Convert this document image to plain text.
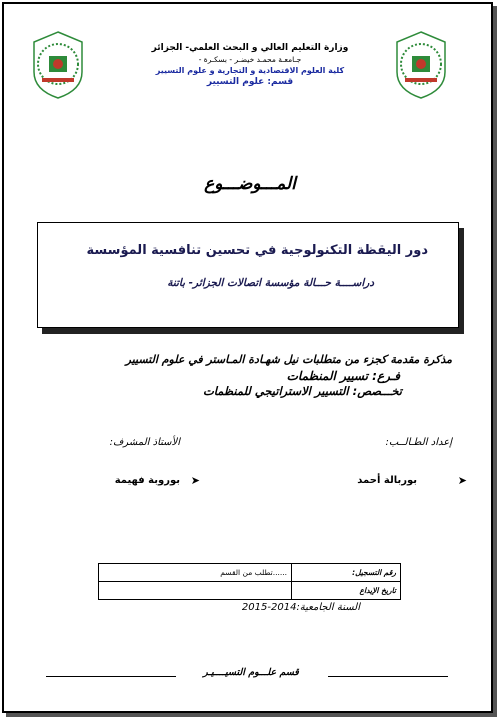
وزارة التعليم العالي و البحث العلمي- الجزائر
جـامعـة محمـد خيضـر - بسكـرة -
كلية العلوم الاقتصادية و التجارية و علوم التسيير
قسم: علوم التسيير
المـــوضـــوع
دور اليقظة التكنولوجية في تحسين تنافسية المؤسسة
دراســــة حـــالة مؤسسة اتصالات الجزائر- باتنة
مذكرة مقدمة كجزء من متطلبات نيل شهـادة المـاستر في علوم التسيير
فـرع: تسيير المنظمات
تخـــصص: التسيير الاستراتيجي للمنظمات
إعداد الطـالــب:
الأستاذ المشرف:
➤
بوربالة أحمد
➤
بوروبة فهيمة
رقم التسجيل:	......تطلب من القسم
تاريخ الإيداع	
السنة الجامعية:2014-2015
قسم علـــوم التسيــــيـر
